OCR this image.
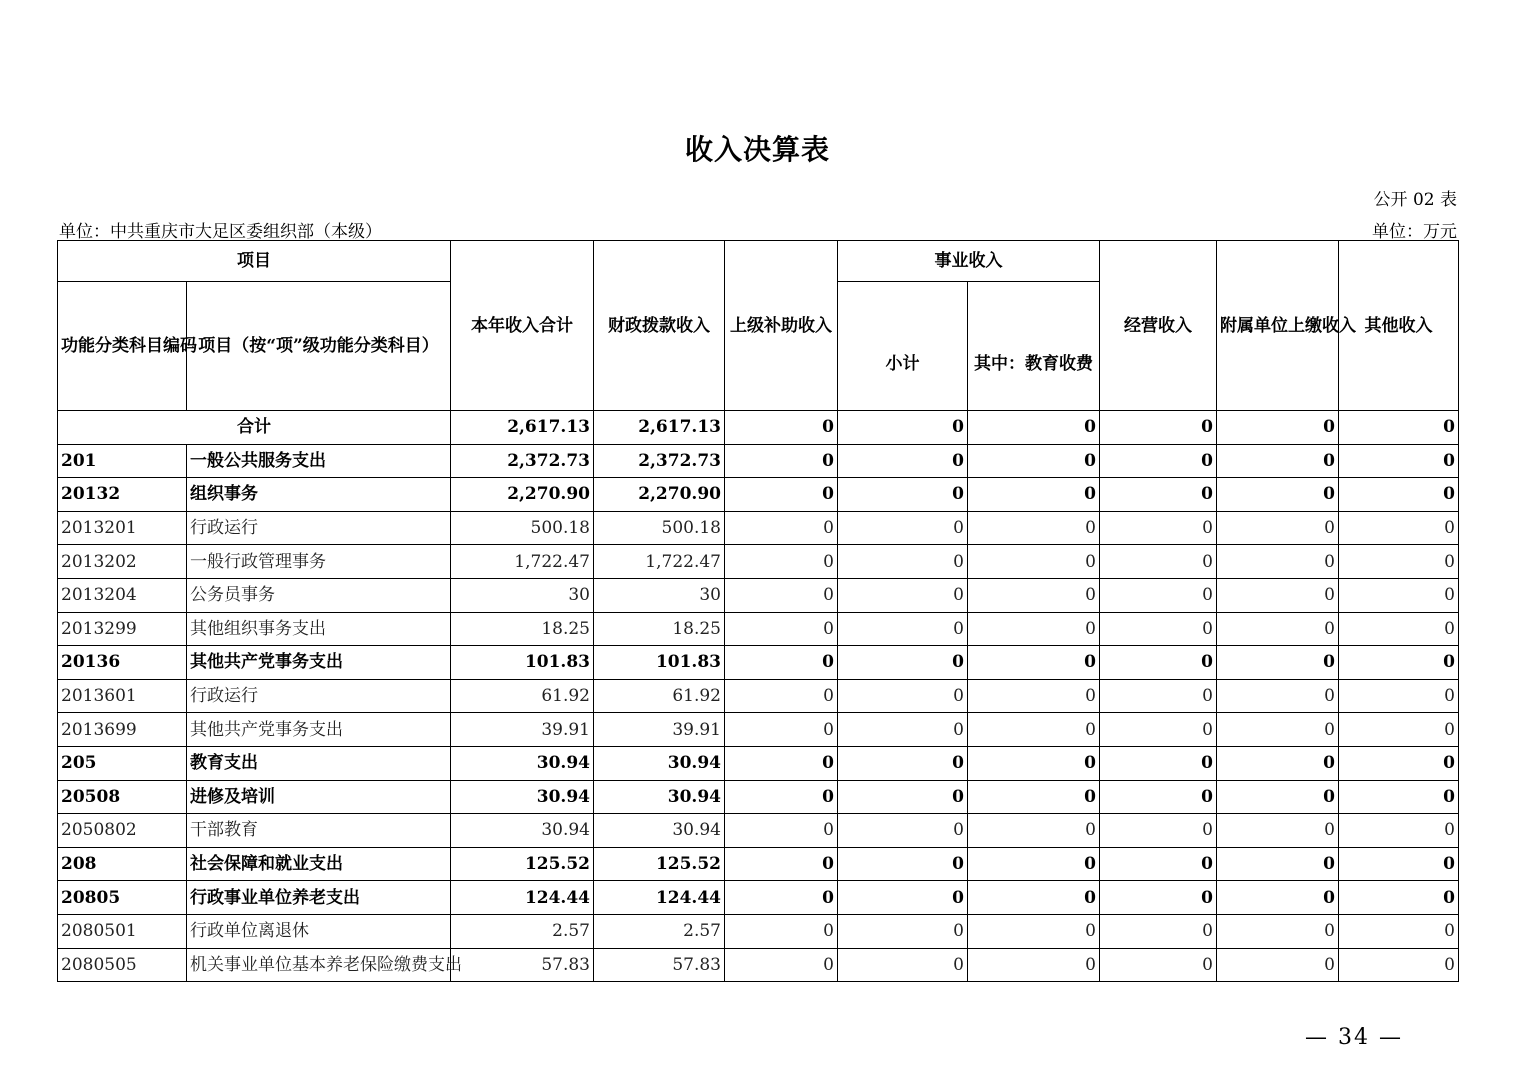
收入决算表
公开 02 表
单位：中共重庆市大足区委组织部（本级）	单位：万元
项目		本年收入合计	财政拨款收入	上级补助收入	事业收入		经营收入	附属单位上缴收入	其他收入
功能分类科目编码	项目（按“项”级功能分类科目）				小计	其中：教育收费			
合计		2,617.13	2,617.13	0	0	0	0	0	0
201	一般公共服务支出	2,372.73	2,372.73	0	0	0	0	0	0
20132	组织事务	2,270.90	2,270.90	0	0	0	0	0	0
2013201	行政运行	500.18	500.18	0	0	0	0	0	0
2013202	一般行政管理事务	1,722.47	1,722.47	0	0	0	0	0	0
2013204	公务员事务	30	30	0	0	0	0	0	0
2013299	其他组织事务支出	18.25	18.25	0	0	0	0	0	0
20136	其他共产党事务支出	101.83	101.83	0	0	0	0	0	0
2013601	行政运行	61.92	61.92	0	0	0	0	0	0
2013699	其他共产党事务支出	39.91	39.91	0	0	0	0	0	0
205	教育支出	30.94	30.94	0	0	0	0	0	0
20508	进修及培训	30.94	30.94	0	0	0	0	0	0
2050802	干部教育	30.94	30.94	0	0	0	0	0	0
208	社会保障和就业支出	125.52	125.52	0	0	0	0	0	0
20805	行政事业单位养老支出	124.44	124.44	0	0	0	0	0	0
2080501	行政单位离退休	2.57	2.57	0	0	0	0	0	0
2080505	机关事业单位基本养老保险缴费支出	57.83	57.83	0	0	0	0	0	0
— 34 —
